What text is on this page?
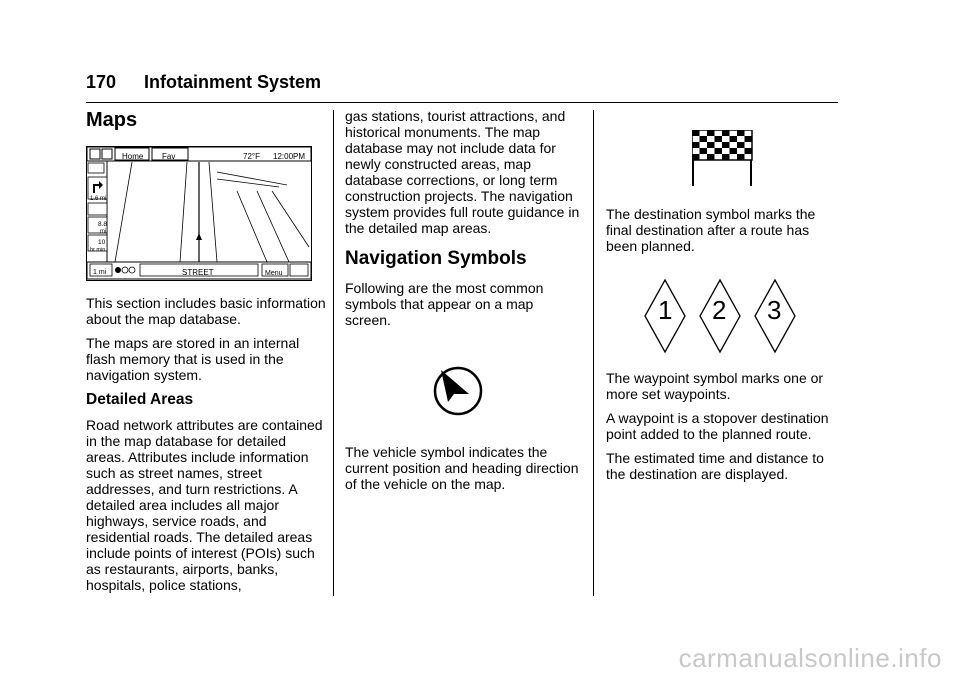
170 Infotainment System
Maps
Home Fav	72°F 12:00PM
1.6 mi
8.8
mi
10
hr min
1 mi	STREET	Menu

This section includes basic information about the map database.

The maps are stored in an internal flash memory that is used in the navigation system.

Detailed Areas

Road network attributes are contained in the map database for detailed areas. Attributes include information such as street names, street addresses, and turn restrictions. A detailed area includes all major highways, service roads, and residential roads. The detailed areas include points of interest (POIs) such as restaurants, airports, banks, hospitals, police stations,

gas stations, tourist attractions, and historical monuments. The map database may not include data for newly constructed areas, map database corrections, or long term construction projects. The navigation system provides full route guidance in the detailed map areas.

Navigation Symbols

Following are the most common symbols that appear on a map screen.

The vehicle symbol indicates the current position and heading direction of the vehicle on the map.

The destination symbol marks the final destination after a route has been planned.

1 2 3

The waypoint symbol marks one or more set waypoints.

A waypoint is a stopover destination point added to the planned route.

The estimated time and distance to the destination are displayed.

carmanualsonline.info
